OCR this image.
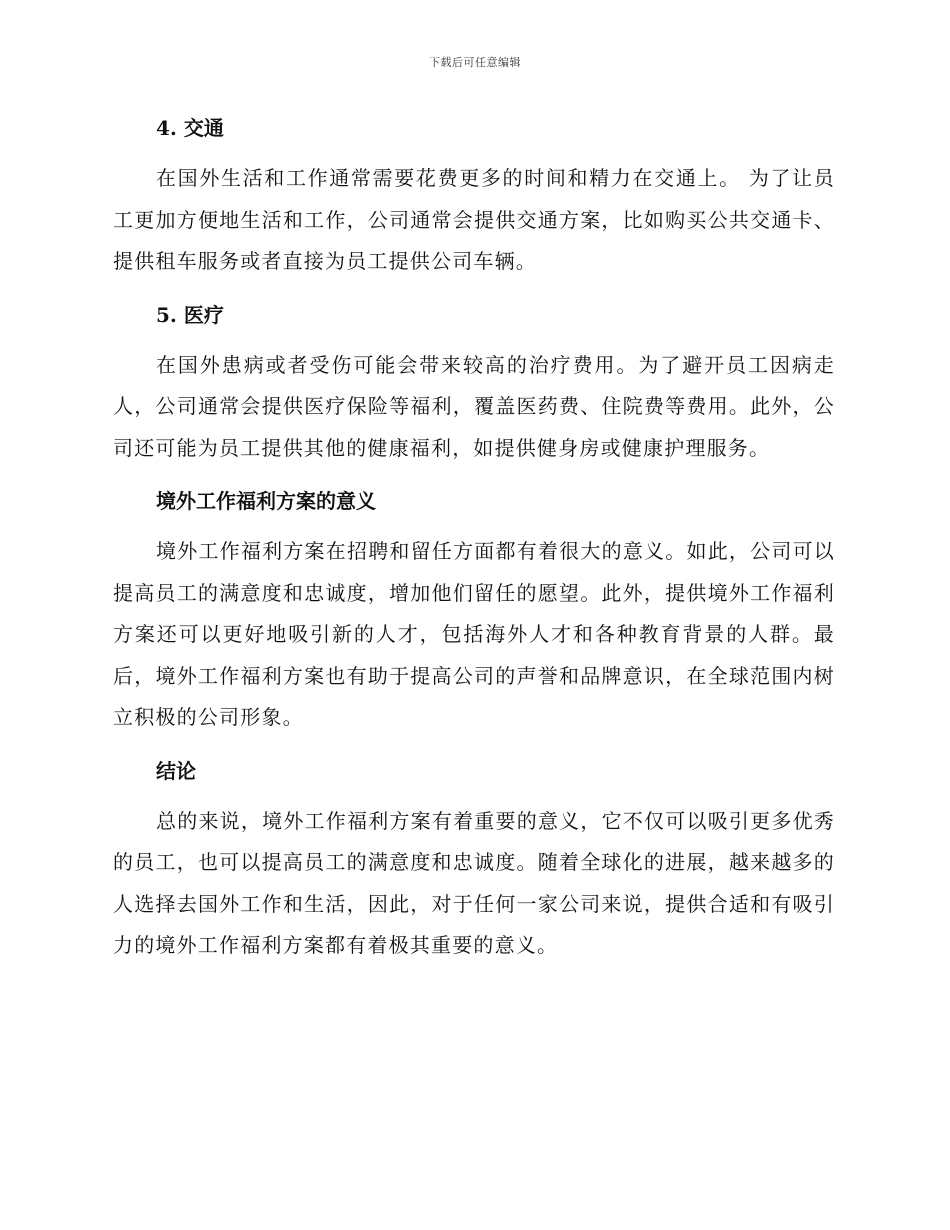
下载后可任意编辑
4. 交通

在国外生活和工作通常需要花费更多的时间和精力在交通上。 为了让员工更加方便地生活和工作，公司通常会提供交通方案，比如购买公共交通卡、提供租车服务或者直接为员工提供公司车辆。

5. 医疗

在国外患病或者受伤可能会带来较高的治疗费用。为了避开员工因病走人，公司通常会提供医疗保险等福利，覆盖医药费、住院费等费用。此外，公司还可能为员工提供其他的健康福利，如提供健身房或健康护理服务。

境外工作福利方案的意义

境外工作福利方案在招聘和留任方面都有着很大的意义。如此，公司可以提高员工的满意度和忠诚度，增加他们留任的愿望。此外，提供境外工作福利方案还可以更好地吸引新的人才，包括海外人才和各种教育背景的人群。最后，境外工作福利方案也有助于提高公司的声誉和品牌意识，在全球范围内树立积极的公司形象。

结论

总的来说，境外工作福利方案有着重要的意义，它不仅可以吸引更多优秀的员工，也可以提高员工的满意度和忠诚度。随着全球化的进展，越来越多的人选择去国外工作和生活，因此，对于任何一家公司来说，提供合适和有吸引力的境外工作福利方案都有着极其重要的意义。
